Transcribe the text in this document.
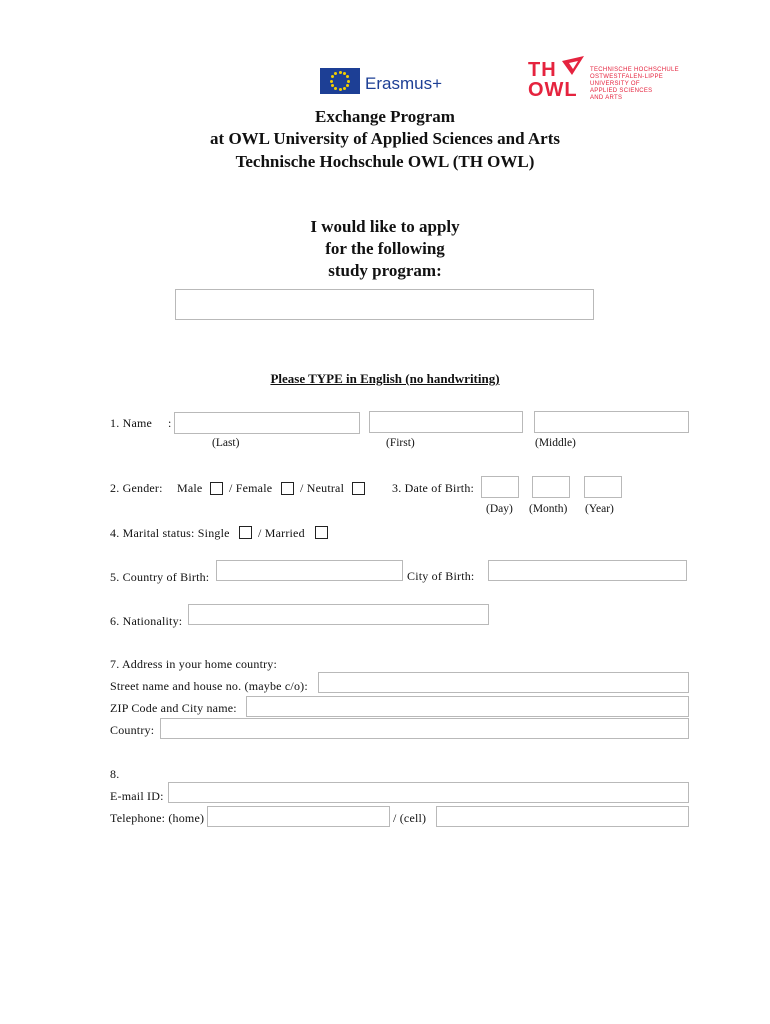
Erasmus+
TH
OWL
TECHNISCHE HOCHSCHULE
OSTWESTFALEN-LIPPE
UNIVERSITY OF
APPLIED SCIENCES
AND ARTS
Exchange Program
at OWL University of Applied Sciences and Arts
Technische Hochschule OWL (TH OWL)
I would like to apply
for the following
study program:
Please TYPE in English (no handwriting)
1. Name :
(Last)	(First)	(Middle)
2. Gender: Male / Female / Neutral	3. Date of Birth:
(Day) (Month) (Year)
4. Marital status: Single / Married
5. Country of Birth:	City of Birth:
6. Nationality:
7. Address in your home country:
Street name and house no. (maybe c/o):
ZIP Code and City name:
Country:
8.
E-mail ID:
Telephone: (home)	/ (cell)
